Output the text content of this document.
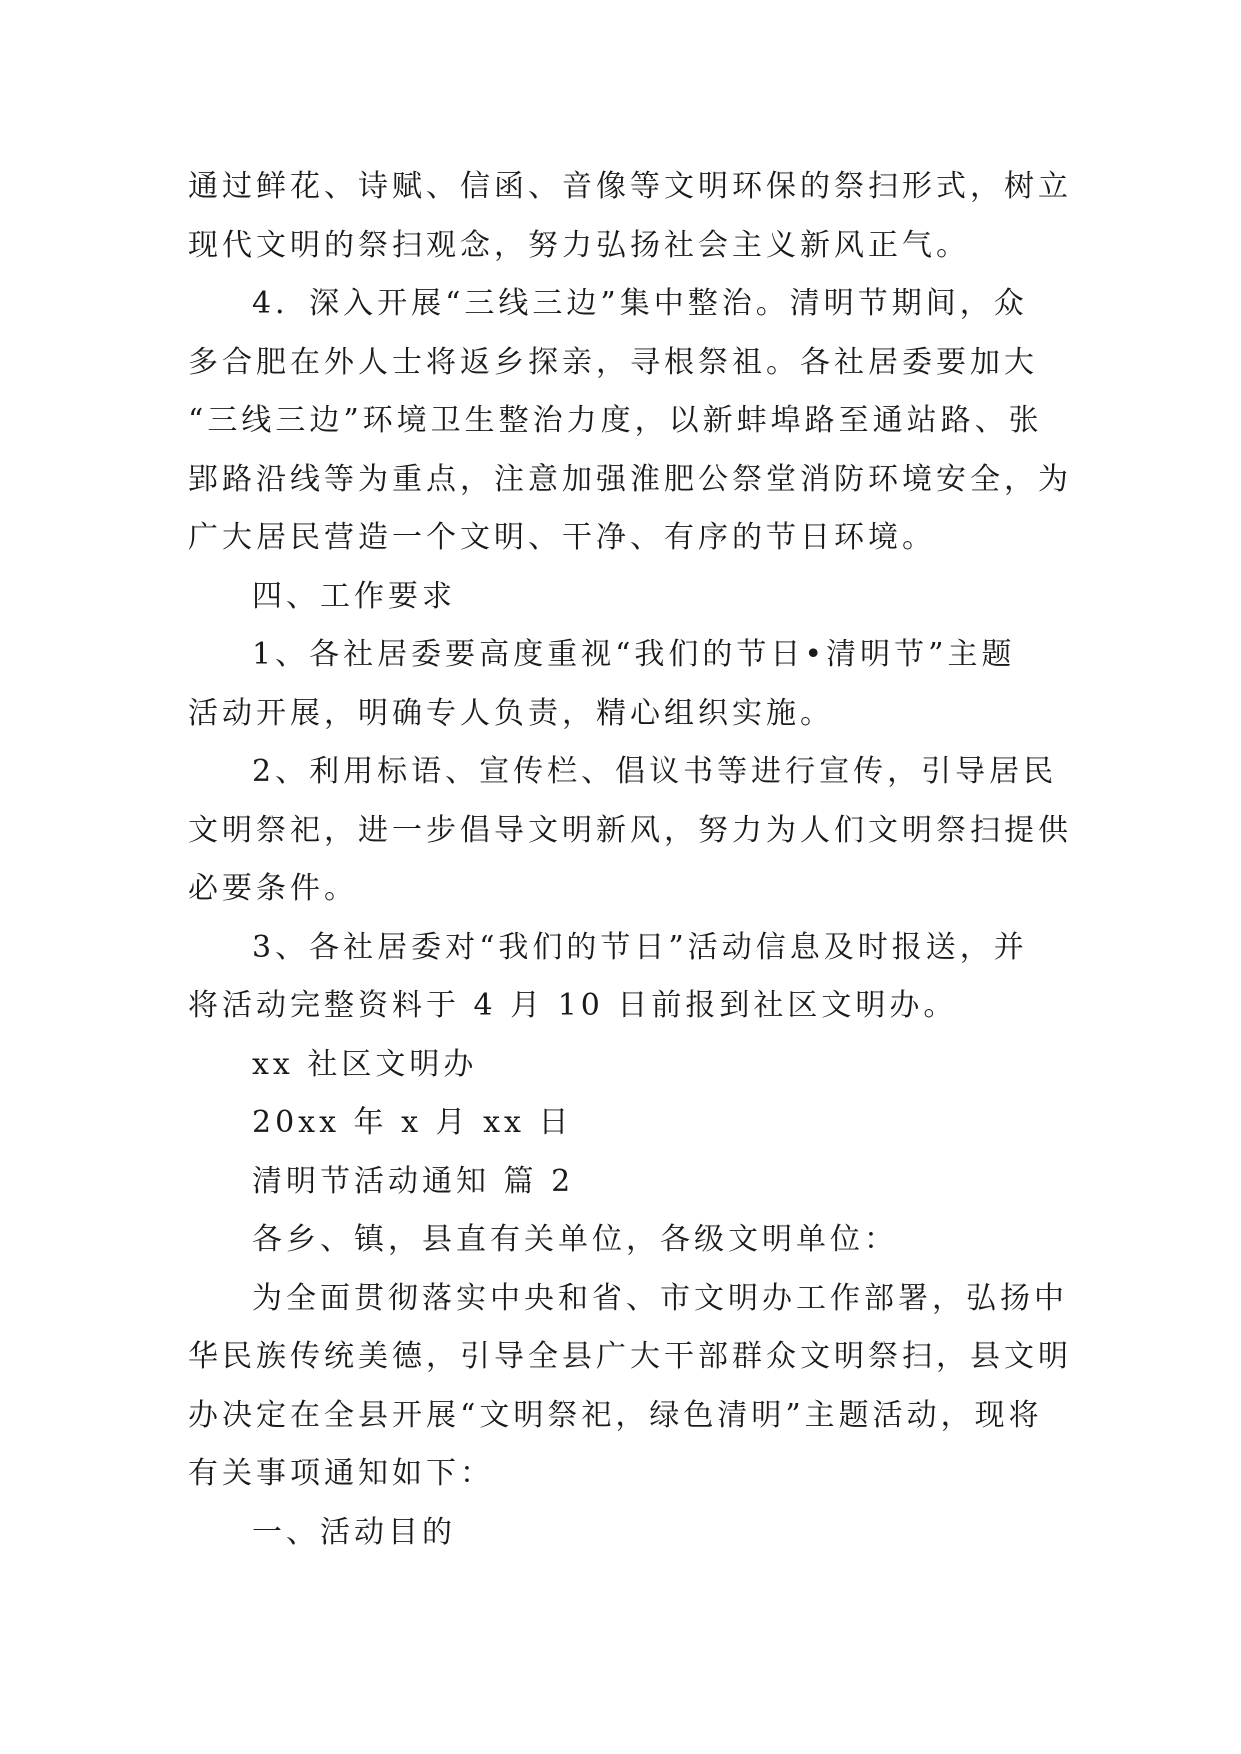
通过鲜花、诗赋、信函、音像等文明环保的祭扫形式，树立

现代文明的祭扫观念，努力弘扬社会主义新风正气。

4．深入开展“三线三边”集中整治。清明节期间，众

多合肥在外人士将返乡探亲，寻根祭祖。各社居委要加大

“三线三边”环境卫生整治力度，以新蚌埠路至通站路、张

郢路沿线等为重点，注意加强淮肥公祭堂消防环境安全，为

广大居民营造一个文明、干净、有序的节日环境。

四、工作要求

1、各社居委要高度重视“我们的节日•清明节”主题

活动开展，明确专人负责，精心组织实施。

2、利用标语、宣传栏、倡议书等进行宣传，引导居民

文明祭祀，进一步倡导文明新风，努力为人们文明祭扫提供

必要条件。

3、各社居委对“我们的节日”活动信息及时报送，并

将活动完整资料于 4 月 10 日前报到社区文明办。

xx 社区文明办

20xx 年 x 月 xx 日

清明节活动通知 篇 2

各乡、镇，县直有关单位，各级文明单位：

为全面贯彻落实中央和省、市文明办工作部署，弘扬中

华民族传统美德，引导全县广大干部群众文明祭扫，县文明

办决定在全县开展“文明祭祀，绿色清明”主题活动，现将

有关事项通知如下：

一、活动目的
